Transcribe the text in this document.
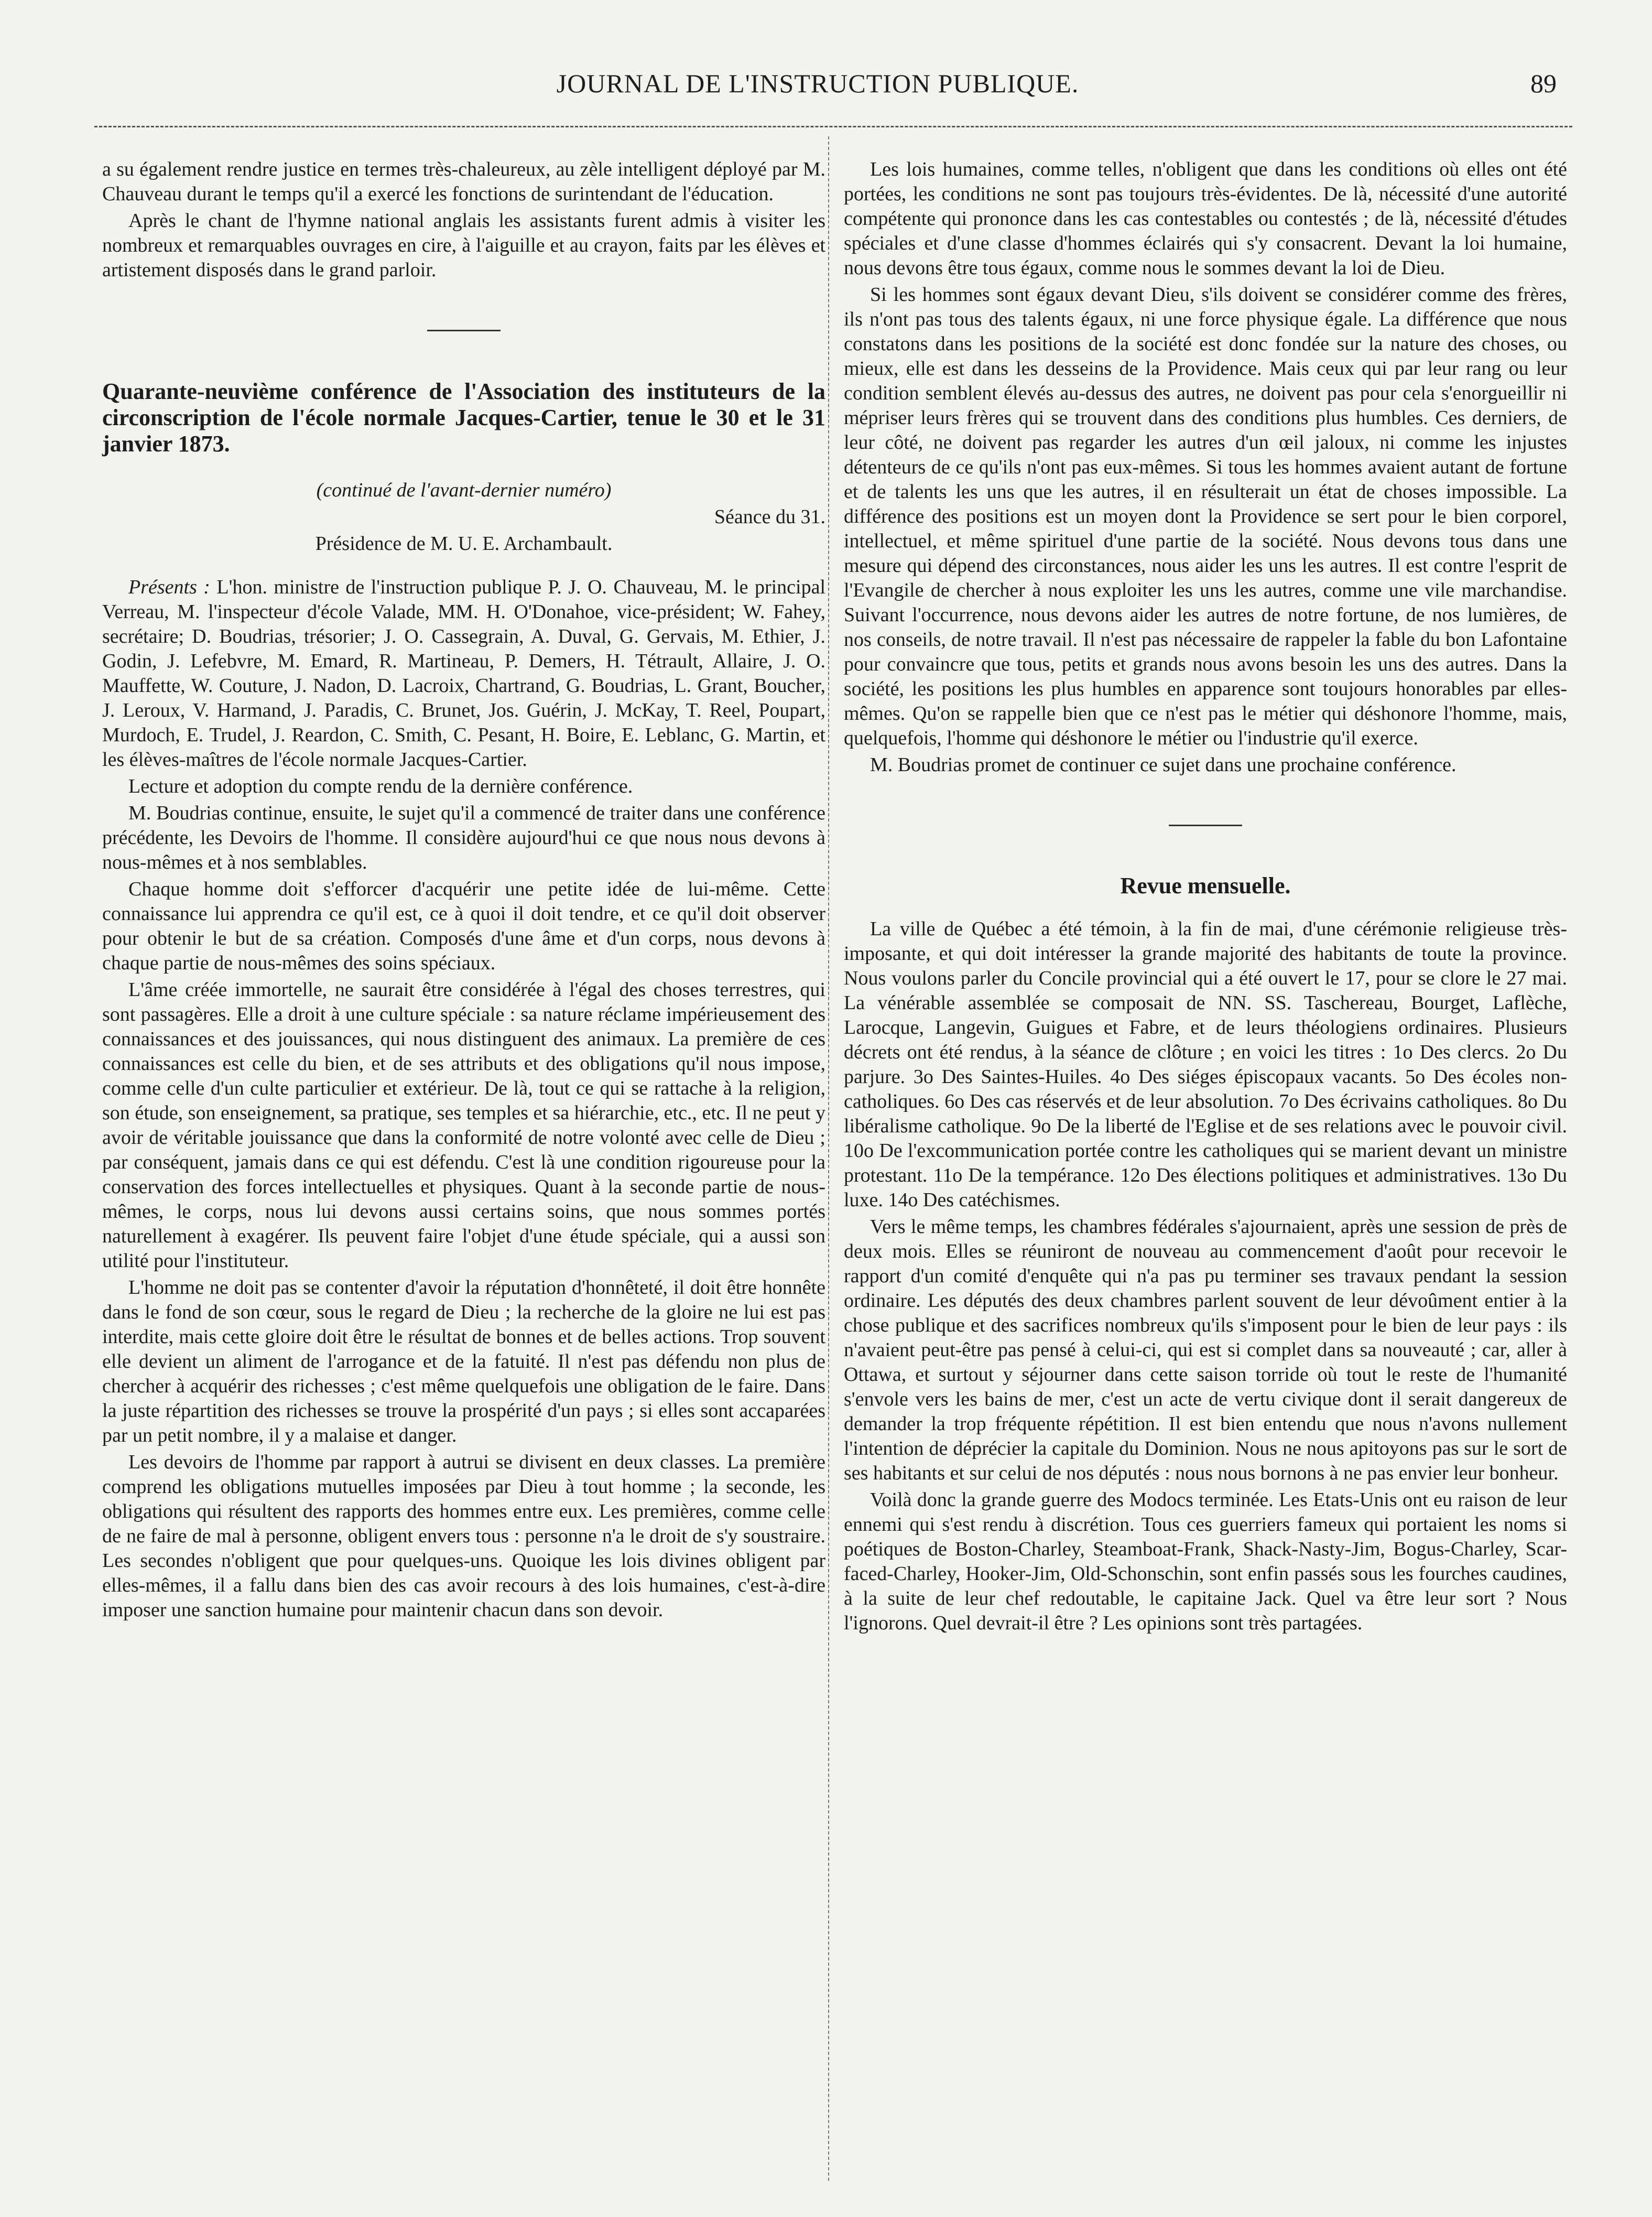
JOURNAL DE L'INSTRUCTION PUBLIQUE.	89

a su également rendre justice en termes très-chaleureux, au zèle intelligent déployé par M. Chauveau durant le temps qu'il a exercé les fonctions de surintendant de l'éducation.

Après le chant de l'hymne national anglais les assistants furent admis à visiter les nombreux et remarquables ouvrages en cire, à l'aiguille et au crayon, faits par les élèves et artistement disposés dans le grand parloir.

Quarante-neuvième conférence de l'Association des instituteurs de la circonscription de l'école normale Jacques-Cartier, tenue le 30 et le 31 janvier 1873.

(continué de l'avant-dernier numéro)

Séance du 31.

Présidence de M. U. E. Archambault.

Présents : L'hon. ministre de l'instruction publique P. J. O. Chauveau, M. le principal Verreau, M. l'inspecteur d'école Valade, MM. H. O'Donahoe, vice-président; W. Fahey, secrétaire; D. Boudrias, trésorier; J. O. Cassegrain, A. Duval, G. Gervais, M. Ethier, J. Godin, J. Lefebvre, M. Emard, R. Martineau, P. Demers, H. Tétrault, Allaire, J. O. Mauffette, W. Couture, J. Nadon, D. Lacroix, Chartrand, G. Boudrias, L. Grant, Boucher, J. Leroux, V. Harmand, J. Paradis, C. Brunet, Jos. Guérin, J. McKay, T. Reel, Poupart, Murdoch, E. Trudel, J. Reardon, C. Smith, C. Pesant, H. Boire, E. Leblanc, G. Martin, et les élèves-maîtres de l'école normale Jacques-Cartier.

Lecture et adoption du compte rendu de la dernière conférence.

M. Boudrias continue, ensuite, le sujet qu'il a commencé de traiter dans une conférence précédente, les Devoirs de l'homme. Il considère aujourd'hui ce que nous nous devons à nous-mêmes et à nos semblables.

Chaque homme doit s'efforcer d'acquérir une petite idée de lui-même. Cette connaissance lui apprendra ce qu'il est, ce à quoi il doit tendre, et ce qu'il doit observer pour obtenir le but de sa création. Composés d'une âme et d'un corps, nous devons à chaque partie de nous-mêmes des soins spéciaux.

L'âme créée immortelle, ne saurait être considérée à l'égal des choses terrestres, qui sont passagères. Elle a droit à une culture spéciale : sa nature réclame impérieusement des connaissances et des jouissances, qui nous distinguent des animaux. La première de ces connaissances est celle du bien, et de ses attributs et des obligations qu'il nous impose, comme celle d'un culte particulier et extérieur. De là, tout ce qui se rattache à la religion, son étude, son enseignement, sa pratique, ses temples et sa hiérarchie, etc., etc. Il ne peut y avoir de véritable jouissance que dans la conformité de notre volonté avec celle de Dieu ; par conséquent, jamais dans ce qui est défendu. C'est là une condition rigoureuse pour la conservation des forces intellectuelles et physiques. Quant à la seconde partie de nous-mêmes, le corps, nous lui devons aussi certains soins, que nous sommes portés naturellement à exagérer. Ils peuvent faire l'objet d'une étude spéciale, qui a aussi son utilité pour l'instituteur.

L'homme ne doit pas se contenter d'avoir la réputation d'honnêteté, il doit être honnête dans le fond de son cœur, sous le regard de Dieu ; la recherche de la gloire ne lui est pas interdite, mais cette gloire doit être le résultat de bonnes et de belles actions. Trop souvent elle devient un aliment de l'arrogance et de la fatuité. Il n'est pas défendu non plus de chercher à acquérir des richesses ; c'est même quelquefois une obligation de le faire. Dans la juste répartition des richesses se trouve la prospérité d'un pays ; si elles sont accaparées par un petit nombre, il y a malaise et danger.

Les devoirs de l'homme par rapport à autrui se divisent en deux classes. La première comprend les obligations mutuelles imposées par Dieu à tout homme ; la seconde, les obligations qui résultent des rapports des hommes entre eux. Les premières, comme celle de ne faire de mal à personne, obligent envers tous : personne n'a le droit de s'y soustraire. Les secondes n'obligent que pour quelques-uns. Quoique les lois divines obligent par elles-mêmes, il a fallu dans bien des cas avoir recours à des lois humaines, c'est-à-dire imposer une sanction humaine pour maintenir chacun dans son devoir.

Les lois humaines, comme telles, n'obligent que dans les conditions où elles ont été portées, les conditions ne sont pas toujours très-évidentes. De là, nécessité d'une autorité compétente qui prononce dans les cas contestables ou contestés ; de là, nécessité d'études spéciales et d'une classe d'hommes éclairés qui s'y consacrent. Devant la loi humaine, nous devons être tous égaux, comme nous le sommes devant la loi de Dieu.

Si les hommes sont égaux devant Dieu, s'ils doivent se considérer comme des frères, ils n'ont pas tous des talents égaux, ni une force physique égale. La différence que nous constatons dans les positions de la société est donc fondée sur la nature des choses, ou mieux, elle est dans les desseins de la Providence. Mais ceux qui par leur rang ou leur condition semblent élevés au-dessus des autres, ne doivent pas pour cela s'enorgueillir ni mépriser leurs frères qui se trouvent dans des conditions plus humbles. Ces derniers, de leur côté, ne doivent pas regarder les autres d'un œil jaloux, ni comme les injustes détenteurs de ce qu'ils n'ont pas eux-mêmes. Si tous les hommes avaient autant de fortune et de talents les uns que les autres, il en résulterait un état de choses impossible. La différence des positions est un moyen dont la Providence se sert pour le bien corporel, intellectuel, et même spirituel d'une partie de la société. Nous devons tous dans une mesure qui dépend des circonstances, nous aider les uns les autres. Il est contre l'esprit de l'Evangile de chercher à nous exploiter les uns les autres, comme une vile marchandise. Suivant l'occurrence, nous devons aider les autres de notre fortune, de nos lumières, de nos conseils, de notre travail. Il n'est pas nécessaire de rappeler la fable du bon Lafontaine pour convaincre que tous, petits et grands nous avons besoin les uns des autres. Dans la société, les positions les plus humbles en apparence sont toujours honorables par elles-mêmes. Qu'on se rappelle bien que ce n'est pas le métier qui déshonore l'homme, mais, quelquefois, l'homme qui déshonore le métier ou l'industrie qu'il exerce.

M. Boudrias promet de continuer ce sujet dans une prochaine conférence.

Revue mensuelle.

La ville de Québec a été témoin, à la fin de mai, d'une cérémonie religieuse très-imposante, et qui doit intéresser la grande majorité des habitants de toute la province. Nous voulons parler du Concile provincial qui a été ouvert le 17, pour se clore le 27 mai. La vénérable assemblée se composait de NN. SS. Taschereau, Bourget, Laflèche, Larocque, Langevin, Guigues et Fabre, et de leurs théologiens ordinaires. Plusieurs décrets ont été rendus, à la séance de clôture ; en voici les titres : 1o Des clercs. 2o Du parjure. 3o Des Saintes-Huiles. 4o Des siéges épiscopaux vacants. 5o Des écoles non-catholiques. 6o Des cas réservés et de leur absolution. 7o Des écrivains catholiques. 8o Du libéralisme catholique. 9o De la liberté de l'Eglise et de ses relations avec le pouvoir civil. 10o De l'excommunication portée contre les catholiques qui se marient devant un ministre protestant. 11o De la tempérance. 12o Des élections politiques et administratives. 13o Du luxe. 14o Des catéchismes.

Vers le même temps, les chambres fédérales s'ajournaient, après une session de près de deux mois. Elles se réuniront de nouveau au commencement d'août pour recevoir le rapport d'un comité d'enquête qui n'a pas pu terminer ses travaux pendant la session ordinaire. Les députés des deux chambres parlent souvent de leur dévoûment entier à la chose publique et des sacrifices nombreux qu'ils s'imposent pour le bien de leur pays : ils n'avaient peut-être pas pensé à celui-ci, qui est si complet dans sa nouveauté ; car, aller à Ottawa, et surtout y séjourner dans cette saison torride où tout le reste de l'humanité s'envole vers les bains de mer, c'est un acte de vertu civique dont il serait dangereux de demander la trop fréquente répétition. Il est bien entendu que nous n'avons nullement l'intention de déprécier la capitale du Dominion. Nous ne nous apitoyons pas sur le sort de ses habitants et sur celui de nos députés : nous nous bornons à ne pas envier leur bonheur.

Voilà donc la grande guerre des Modocs terminée. Les Etats-Unis ont eu raison de leur ennemi qui s'est rendu à discrétion. Tous ces guerriers fameux qui portaient les noms si poétiques de Boston-Charley, Steamboat-Frank, Shack-Nasty-Jim, Bogus-Charley, Scar-faced-Charley, Hooker-Jim, Old-Schonschin, sont enfin passés sous les fourches caudines, à la suite de leur chef redoutable, le capitaine Jack. Quel va être leur sort ? Nous l'ignorons. Quel devrait-il être ? Les opinions sont très partagées.
